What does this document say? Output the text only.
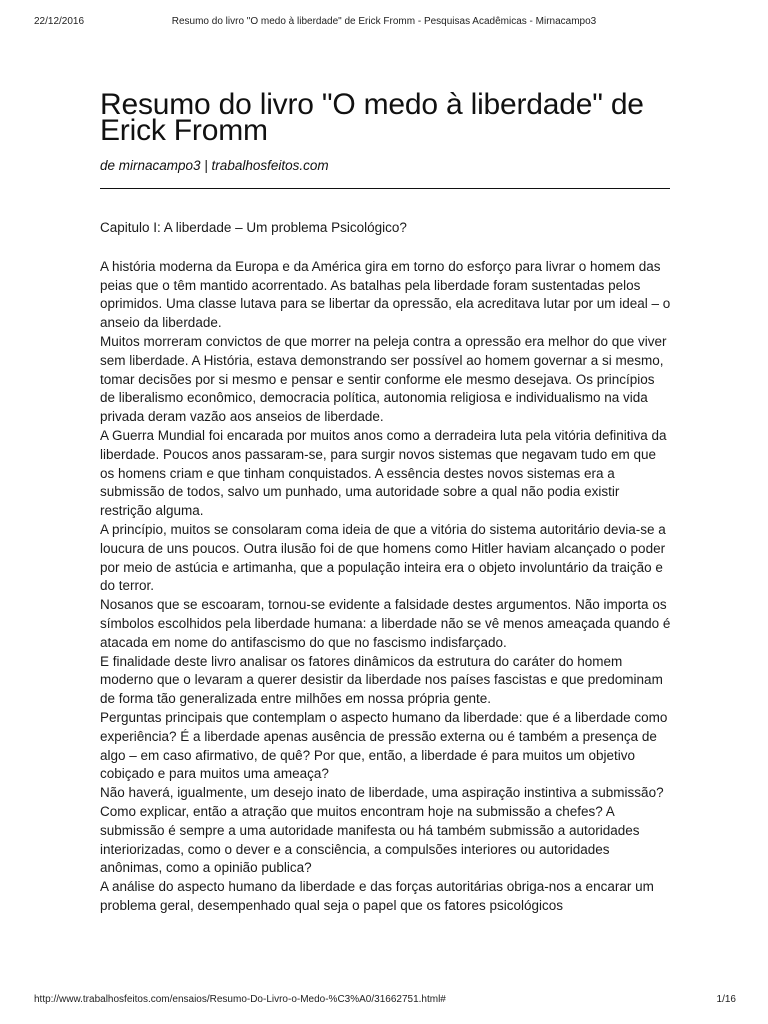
22/12/2016	Resumo do livro "O medo à liberdade" de Erick Fromm - Pesquisas Acadêmicas - Mirnacampo3
Resumo do livro "O medo à liberdade" de Erick Fromm
de mirnacampo3 | trabalhosfeitos.com
Capitulo I: A liberdade – Um problema Psicológico?

A história moderna da Europa e da América gira em torno do esforço para livrar o homem das peias que o têm mantido acorrentado. As batalhas pela liberdade foram sustentadas pelos oprimidos. Uma classe lutava para se libertar da opressão, ela acreditava lutar por um ideal – o anseio da liberdade.

Muitos morreram convictos de que morrer na peleja contra a opressão era melhor do que viver sem liberdade. A História, estava demonstrando ser possível ao homem governar a si mesmo, tomar decisões por si mesmo e pensar e sentir conforme ele mesmo desejava. Os princípios de liberalismo econômico, democracia política, autonomia religiosa e individualismo na vida privada deram vazão aos anseios de liberdade.

A Guerra Mundial foi encarada por muitos anos como a derradeira luta pela vitória definitiva da liberdade. Poucos anos passaram-se, para surgir novos sistemas que negavam tudo em que os homens criam e que tinham conquistados. A essência destes novos sistemas era a submissão de todos, salvo um punhado, uma autoridade sobre a qual não podia existir restrição alguma.

A princípio, muitos se consolaram coma ideia de que a vitória do sistema autoritário devia-se a loucura de uns poucos. Outra ilusão foi de que homens como Hitler haviam alcançado o poder por meio de astúcia e artimanha, que a população inteira era o objeto involuntário da traição e do terror.

Nosanos que se escoaram, tornou-se evidente a falsidade destes argumentos. Não importa os símbolos escolhidos pela liberdade humana: a liberdade não se vê menos ameaçada quando é atacada em nome do antifascismo do que no fascismo indisfarçado.

E finalidade deste livro analisar os fatores dinâmicos da estrutura do caráter do homem moderno que o levaram a querer desistir da liberdade nos países fascistas e que predominam de forma tão generalizada entre milhões em nossa própria gente.

Perguntas principais que contemplam o aspecto humano da liberdade: que é a liberdade como experiência? É a liberdade apenas ausência de pressão externa ou é também a presença de algo – em caso afirmativo, de quê? Por que, então, a liberdade é para muitos um objetivo cobiçado e para muitos uma ameaça?

Não haverá, igualmente, um desejo inato de liberdade, uma aspiração instintiva a submissão? Como explicar, então a atração que muitos encontram hoje na submissão a chefes? A submissão é sempre a uma autoridade manifesta ou há também submissão a autoridades interiorizadas, como o dever e a consciência, a compulsões interiores ou autoridades anônimas, como a opinião publica?

A análise do aspecto humano da liberdade e das forças autoritárias obriga-nos a encarar um problema geral, desempenhado qual seja o papel que os fatores psicológicos

http://www.trabalhosfeitos.com/ensaios/Resumo-Do-Livro-o-Medo-%C3%A0/31662751.html#	1/16
